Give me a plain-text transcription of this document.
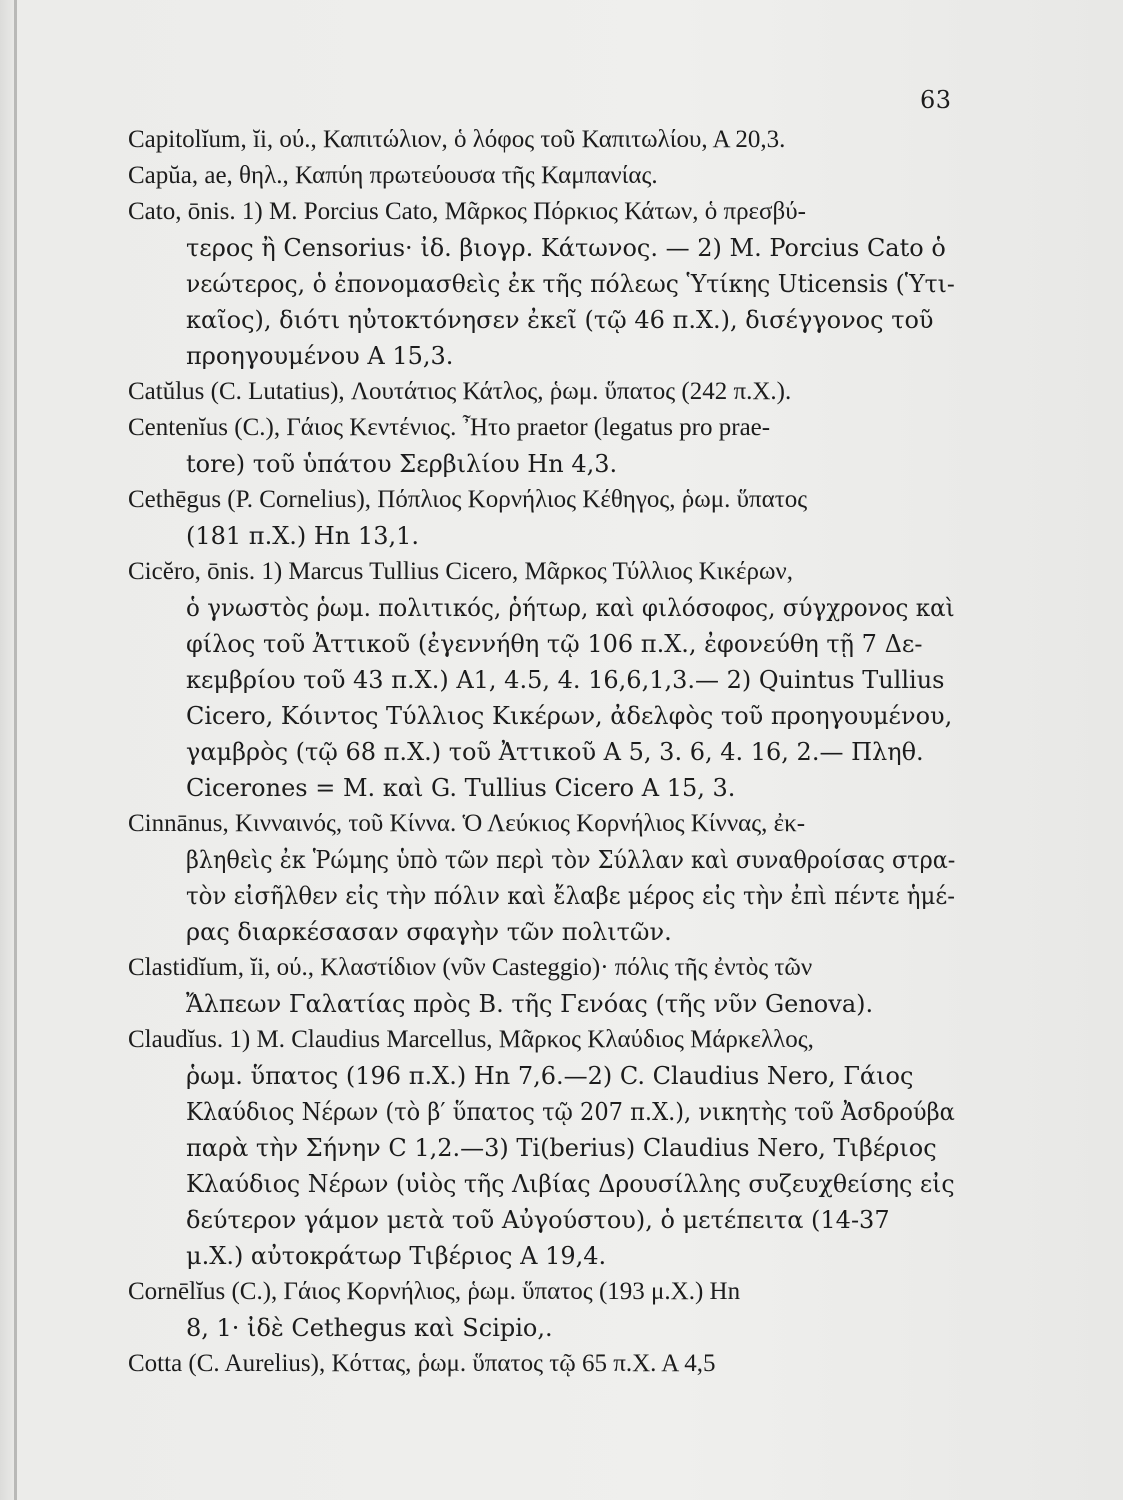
63
Capitolĭum, ĭi, ού., Καπιτώλιον, ὁ λόφος τοῦ Καπιτωλίου, Α 20,3.
Capŭa, ae, θηλ., Καπύη πρωτεύουσα τῆς Καμπανίας.
Cato, ōnis. 1) M. Porcius Cato, Μᾶρκος Πόρκιος Κάτων, ὁ πρεσβύ-
τερος ἢ Censorius· ἰδ. βιογρ. Κάτωνος. — 2) M. Porcius Cato ὁ
νεώτερος, ὁ ἐπονομασθεὶς ἐκ τῆς πόλεως Ὑτίκης Uticensis (Ὑτι-
καῖος), διότι ηὐτοκτόνησεν ἐκεῖ (τῷ 46 π.Χ.), δισέγγονος τοῦ
προηγουμένου Α 15,3.
Catŭlus (C. Lutatius), Λουτάτιος Κάτλος, ῥωμ. ὕπατος (242 π.Χ.).
Centenĭus (C.), Γάιος Κεντένιος. Ἦτο praetor (legatus pro prae-
tore) τοῦ ὑπάτου Σερβιλίου Hn 4,3.
Cethēgus (P. Cornelius), Πόπλιος Κορνήλιος Κέθηγος, ῥωμ. ὕπατος
(181 π.Χ.) Hn 13,1.
Cicĕro, ōnis. 1) Marcus Tullius Cicero, Μᾶρκος Τύλλιος Κικέρων,
ὁ γνωστὸς ῥωμ. πολιτικός, ῥήτωρ, καὶ φιλόσοφος, σύγχρονος καὶ
φίλος τοῦ Ἀττικοῦ (ἐγεννήθη τῷ 106 π.Χ., ἐφονεύθη τῇ 7 Δε-
κεμβρίου τοῦ 43 π.Χ.) Α1, 4.5, 4. 16,6,1,3.— 2) Quintus Tullius
Cicero, Κόιντος Τύλλιος Κικέρων, ἀδελφὸς τοῦ προηγουμένου,
γαμβρὸς (τῷ 68 π.Χ.) τοῦ Ἀττικοῦ Α 5, 3. 6, 4. 16, 2.— Πληθ.
Cicerones = M. καὶ G. Tullius Cicero A 15, 3.
Cinnānus, Κινναινός, τοῦ Κίννα. Ὁ Λεύκιος Κορνήλιος Κίννας, ἐκ-
βληθεὶς ἐκ Ῥώμης ὑπὸ τῶν περὶ τὸν Σύλλαν καὶ συναθροίσας στρα-
τὸν εἰσῆλθεν εἰς τὴν πόλιν καὶ ἔλαβε μέρος εἰς τὴν ἐπὶ πέντε ἡμέ-
ρας διαρκέσασαν σφαγὴν τῶν πολιτῶν.
Clastidĭum, ĭi, ού., Κλαστίδιον (νῦν Casteggio)· πόλις τῆς ἐντὸς τῶν
Ἄλπεων Γαλατίας πρὸς Β. τῆς Γενόας (τῆς νῦν Genova).
Claudĭus. 1) M. Claudius Marcellus, Μᾶρκος Κλαύδιος Μάρκελλος,
ῥωμ. ὕπατος (196 π.Χ.) Hn 7,6.—2) C. Claudius Nero, Γάιος
Κλαύδιος Νέρων (τὸ β′ ὕπατος τῷ 207 π.Χ.), νικητὴς τοῦ Ἀσδρούβα
παρὰ τὴν Σήνην C 1,2.—3) Ti(berius) Claudius Nero, Τιβέριος
Κλαύδιος Νέρων (υἱὸς τῆς Λιβίας Δρουσίλλης συζευχθείσης εἰς
δεύτερον γάμον μετὰ τοῦ Αὐγούστου), ὁ μετέπειτα (14-37
μ.Χ.) αὐτοκράτωρ Τιβέριος Α 19,4.
Cornēlĭus (C.), Γάιος Κορνήλιος, ῥωμ. ὕπατος (193 μ.Χ.) Hn
8, 1· ἰδὲ Cethegus καὶ Scipio,.
Cotta (C. Aurelius), Κόττας, ῥωμ. ὕπατος τῷ 65 π.Χ. Α 4,5
